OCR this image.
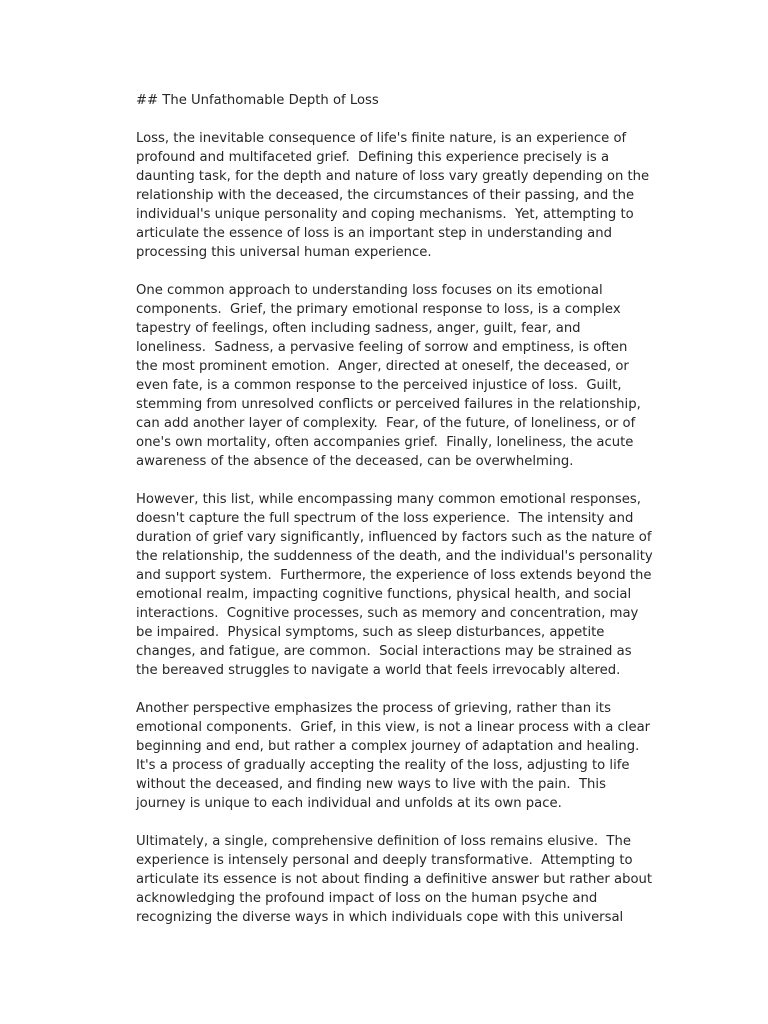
## The Unfathomable Depth of Loss
Loss, the inevitable consequence of life's finite nature, is an experience of
profound and multifaceted grief.  Defining this experience precisely is a
daunting task, for the depth and nature of loss vary greatly depending on the
relationship with the deceased, the circumstances of their passing, and the
individual's unique personality and coping mechanisms.  Yet, attempting to
articulate the essence of loss is an important step in understanding and
processing this universal human experience.
One common approach to understanding loss focuses on its emotional
components.  Grief, the primary emotional response to loss, is a complex
tapestry of feelings, often including sadness, anger, guilt, fear, and
loneliness.  Sadness, a pervasive feeling of sorrow and emptiness, is often
the most prominent emotion.  Anger, directed at oneself, the deceased, or
even fate, is a common response to the perceived injustice of loss.  Guilt,
stemming from unresolved conflicts or perceived failures in the relationship,
can add another layer of complexity.  Fear, of the future, of loneliness, or of
one's own mortality, often accompanies grief.  Finally, loneliness, the acute
awareness of the absence of the deceased, can be overwhelming.
However, this list, while encompassing many common emotional responses,
doesn't capture the full spectrum of the loss experience.  The intensity and
duration of grief vary significantly, influenced by factors such as the nature of
the relationship, the suddenness of the death, and the individual's personality
and support system.  Furthermore, the experience of loss extends beyond the
emotional realm, impacting cognitive functions, physical health, and social
interactions.  Cognitive processes, such as memory and concentration, may
be impaired.  Physical symptoms, such as sleep disturbances, appetite
changes, and fatigue, are common.  Social interactions may be strained as
the bereaved struggles to navigate a world that feels irrevocably altered.
Another perspective emphasizes the process of grieving, rather than its
emotional components.  Grief, in this view, is not a linear process with a clear
beginning and end, but rather a complex journey of adaptation and healing.
It's a process of gradually accepting the reality of the loss, adjusting to life
without the deceased, and finding new ways to live with the pain.  This
journey is unique to each individual and unfolds at its own pace.
Ultimately, a single, comprehensive definition of loss remains elusive.  The
experience is intensely personal and deeply transformative.  Attempting to
articulate its essence is not about finding a definitive answer but rather about
acknowledging the profound impact of loss on the human psyche and
recognizing the diverse ways in which individuals cope with this universal
